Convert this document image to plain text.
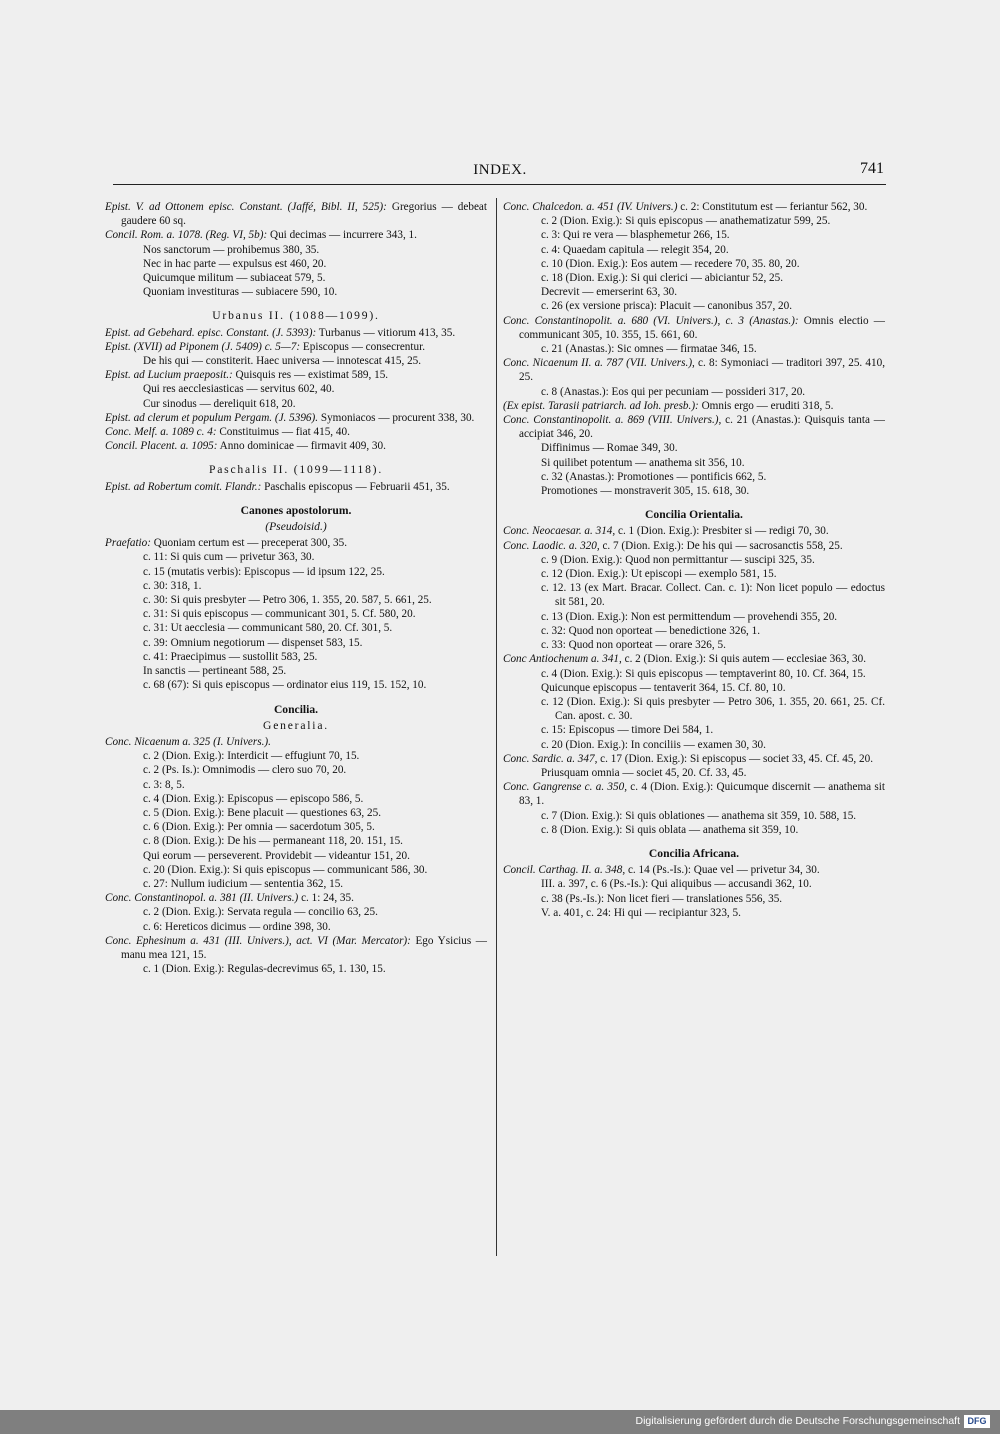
INDEX.	741
Epist. V. ad Ottonem episc. Constant. (Jaffé, Bibl. II, 525): Gregorius — debeat gaudere 60 sq.
Concil. Rom. a. 1078. (Reg. VI, 5b): Qui decimas — incurrere 343, 1.
Nos sanctorum — prohibemus 380, 35.
Nec in hac parte — expulsus est 460, 20.
Quicumque militum — subiaceat 579, 5.
Quoniam investituras — subiacere 590, 10.
Urbanus II. (1088—1099).
Epist. ad Gebehard. episc. Constant. (J. 5393): Turbanus — vitiorum 413, 35.
Epist. (XVII) ad Piponem (J. 5409) c. 5—7: Episcopus — consecrentur.
De his qui — constiterit. Haec universa — innotescat 415, 25.
Epist. ad Lucium praeposit.: Quisquis res — existimat 589, 15.
Qui res aecclesiasticas — servitus 602, 40.
Cur sinodus — dereliquit 618, 20.
Epist. ad clerum et populum Pergam. (J. 5396). Symoniacos — procurent 338, 30.
Conc. Melf. a. 1089 c. 4: Constituimus — fiat 415, 40.
Concil. Placent. a. 1095: Anno dominicae — firmavit 409, 30.
Paschalis II. (1099—1118).
Epist. ad Robertum comit. Flandr.: Paschalis episcopus — Februarii 451, 35.
Canones apostolorum.
(Pseudoisid.)
Praefatio: Quoniam certum est — preceperat 300, 35.
c. 11: Si quis cum — privetur 363, 30.
c. 15 (mutatis verbis): Episcopus — id ipsum 122, 25.
c. 30: 318, 1.
c. 30: Si quis presbyter — Petro 306, 1. 355, 20. 587, 5. 661, 25.
c. 31: Si quis episcopus — communicant 301, 5. Cf. 580, 20.
c. 31: Ut aecclesia — communicant 580, 20. Cf. 301, 5.
c. 39: Omnium negotiorum — dispenset 583, 15.
c. 41: Praecipimus — sustollit 583, 25.
In sanctis — pertineant 588, 25.
c. 68 (67): Si quis episcopus — ordinator eius 119, 15. 152, 10.
Concilia.
Generalia.
Conc. Nicaenum a. 325 (I. Univers.).
c. 2 (Dion. Exig.): Interdicit — effugiunt 70, 15.
c. 2 (Ps. Is.): Omnimodis — clero suo 70, 20.
c. 3: 8, 5.
c. 4 (Dion. Exig.): Episcopus — episcopo 586, 5.
c. 5 (Dion. Exig.): Bene placuit — questiones 63, 25.
c. 6 (Dion. Exig.): Per omnia — sacerdotum 305, 5.
c. 8 (Dion. Exig.): De his — permaneant 118, 20. 151, 15.
Qui eorum — perseverent. Providebit — videantur 151, 20.
c. 20 (Dion. Exig.): Si quis episcopus — communicant 586, 30.
c. 27: Nullum iudicium — sententia 362, 15.
Conc. Constantinopol. a. 381 (II. Univers.) c. 1: 24, 35.
c. 2 (Dion. Exig.): Servata regula — concilio 63, 25.
c. 6: Hereticos dicimus — ordine 398, 30.
Conc. Ephesinum a. 431 (III. Univers.), act. VI (Mar. Mercator): Ego Ysicius — manu mea 121, 15.
c. 1 (Dion. Exig.): Regulas-decrevimus 65, 1. 130, 15.
Conc. Chalcedon. a. 451 (IV. Univers.) c. 2: Constitutum est — feriantur 562, 30.
c. 2 (Dion. Exig.): Si quis episcopus — anathematizatur 599, 25.
c. 3: Qui re vera — blasphemetur 266, 15.
c. 4: Quaedam capitula — relegit 354, 20.
c. 10 (Dion. Exig.): Eos autem — recedere 70, 35. 80, 20.
c. 18 (Dion. Exig.): Si qui clerici — abiciantur 52, 25.
Decrevit — emerserint 63, 30.
c. 26 (ex versione prisca): Placuit — canonibus 357, 20.
Conc. Constantinopolit. a. 680 (VI. Univers.), c. 3 (Anastas.): Omnis electio — communicant 305, 10. 355, 15. 661, 60.
c. 21 (Anastas.): Sic omnes — firmatae 346, 15.
Conc. Nicaenum II. a. 787 (VII. Univers.), c. 8: Symoniaci — traditori 397, 25. 410, 25.
c. 8 (Anastas.): Eos qui per pecuniam — possideri 317, 20.
(Ex epist. Tarasii patriarch. ad Ioh. presb.): Omnis ergo — eruditi 318, 5.
Conc. Constantinopolit. a. 869 (VIII. Univers.), c. 21 (Anastas.): Quisquis tanta — accipiat 346, 20.
Diffinimus — Romae 349, 30.
Si quilibet potentum — anathema sit 356, 10.
c. 32 (Anastas.): Promotiones — pontificis 662, 5.
Promotiones — monstraverit 305, 15. 618, 30.
Concilia Orientalia.
Conc. Neocaesar. a. 314, c. 1 (Dion. Exig.): Presbiter si — redigi 70, 30.
Conc. Laodic. a. 320, c. 7 (Dion. Exig.): De his qui — sacrosanctis 558, 25.
c. 9 (Dion. Exig.): Quod non permittantur — suscipi 325, 35.
c. 12 (Dion. Exig.): Ut episcopi — exemplo 581, 15.
c. 12. 13 (ex Mart. Bracar. Collect. Can. c. 1): Non licet populo — edoctus sit 581, 20.
c. 13 (Dion. Exig.): Non est permittendum — provehendi 355, 20.
c. 32: Quod non oporteat — benedictione 326, 1.
c. 33: Quod non oporteat — orare 326, 5.
Conc Antiochenum a. 341, c. 2 (Dion. Exig.): Si quis autem — ecclesiae 363, 30.
c. 4 (Dion. Exig.): Si quis episcopus — temptaverint 80, 10. Cf. 364, 15.
Quicunque episcopus — tentaverit 364, 15. Cf. 80, 10.
c. 12 (Dion. Exig.): Si quis presbyter — Petro 306, 1. 355, 20. 661, 25. Cf. Can. apost. c. 30.
c. 15: Episcopus — timore Dei 584, 1.
c. 20 (Dion. Exig.): In conciliis — examen 30, 30.
Conc. Sardic. a. 347, c. 17 (Dion. Exig.): Si episcopus — societ 33, 45. Cf. 45, 20.
Priusquam omnia — societ 45, 20. Cf. 33, 45.
Conc. Gangrense c. a. 350, c. 4 (Dion. Exig.): Quicumque discernit — anathema sit 83, 1.
c. 7 (Dion. Exig.): Si quis oblationes — anathema sit 359, 10. 588, 15.
c. 8 (Dion. Exig.): Si quis oblata — anathema sit 359, 10.
Concilia Africana.
Concil. Carthag. II. a. 348, c. 14 (Ps.-Is.): Quae vel — privetur 34, 30.
III. a. 397, c. 6 (Ps.-Is.): Qui aliquibus — accusandi 362, 10.
c. 38 (Ps.-Is.): Non licet fieri — translationes 556, 35.
V. a. 401, c. 24: Hi qui — recipiantur 323, 5.
Digitalisierung gefördert durch die Deutsche Forschungsgemeinschaft DFG
